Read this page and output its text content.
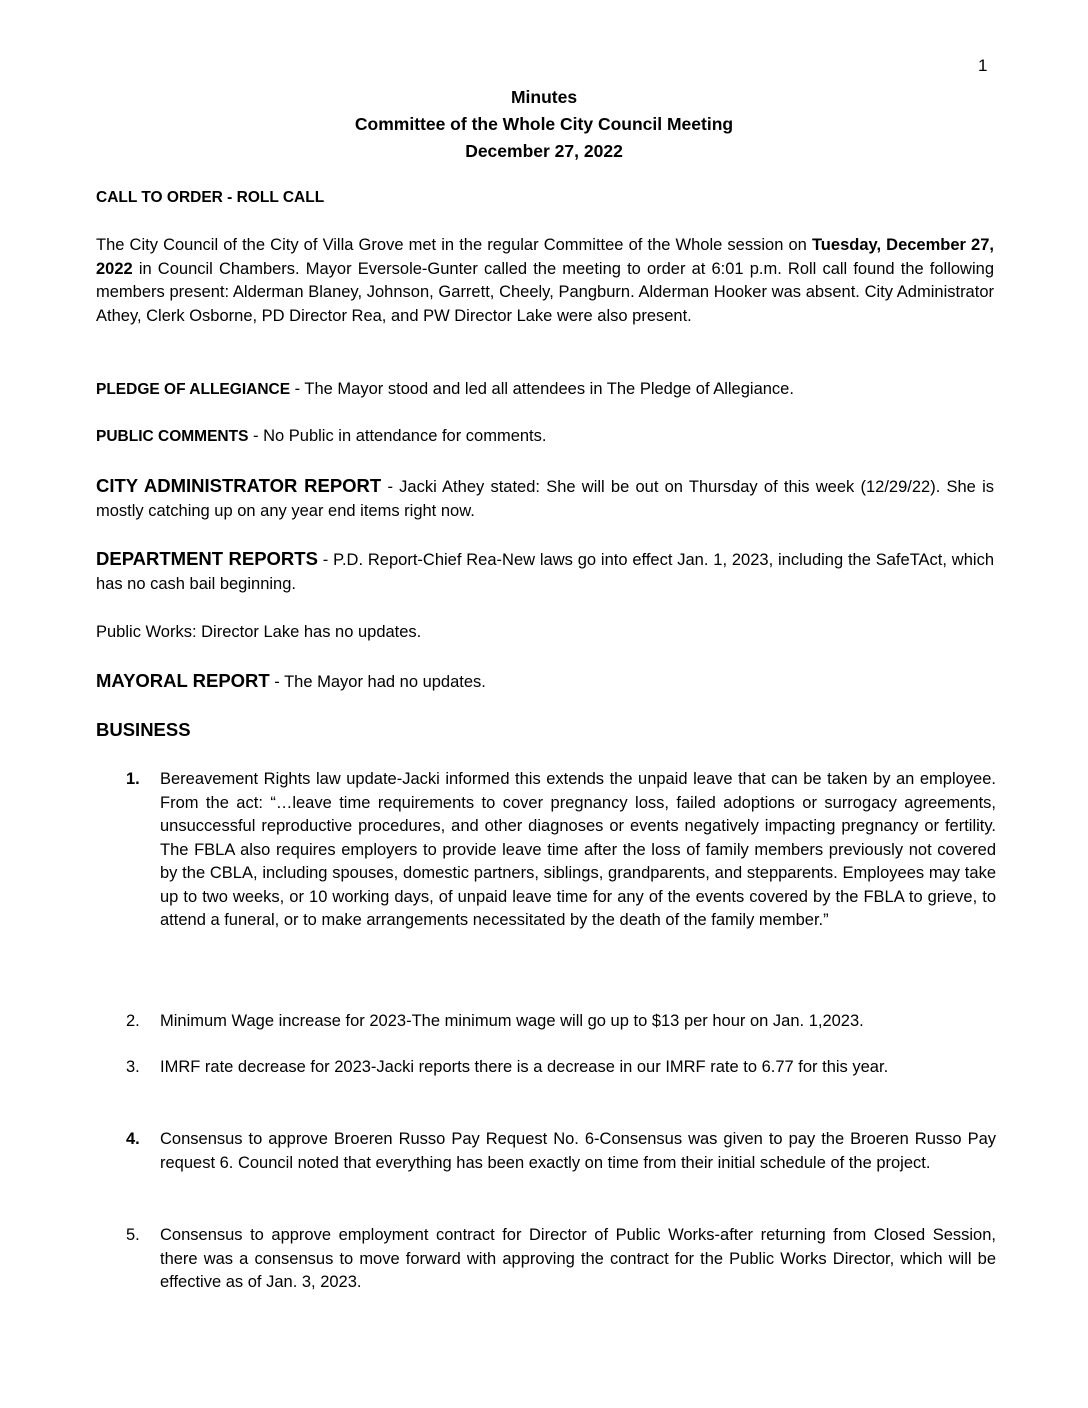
1
Minutes
Committee of the Whole City Council Meeting
December 27, 2022
CALL TO ORDER - ROLL CALL
The City Council of the City of Villa Grove met in the regular Committee of the Whole session on Tuesday, December 27, 2022 in Council Chambers. Mayor Eversole-Gunter called the meeting to order at 6:01 p.m. Roll call found the following members present: Alderman Blaney, Johnson, Garrett, Cheely, Pangburn. Alderman Hooker was absent. City Administrator Athey, Clerk Osborne, PD Director Rea, and PW Director Lake were also present.
PLEDGE OF ALLEGIANCE - The Mayor stood and led all attendees in The Pledge of Allegiance.
PUBLIC COMMENTS - No Public in attendance for comments.
CITY ADMINISTRATOR REPORT - Jacki Athey stated: She will be out on Thursday of this week (12/29/22). She is mostly catching up on any year end items right now.
DEPARTMENT REPORTS - P.D. Report-Chief Rea-New laws go into effect Jan. 1, 2023, including the SafeTAct, which has no cash bail beginning.
Public Works: Director Lake has no updates.
MAYORAL REPORT - The Mayor had no updates.
BUSINESS
1. Bereavement Rights law update-Jacki informed this extends the unpaid leave that can be taken by an employee. From the act: “…leave time requirements to cover pregnancy loss, failed adoptions or surrogacy agreements, unsuccessful reproductive procedures, and other diagnoses or events negatively impacting pregnancy or fertility. The FBLA also requires employers to provide leave time after the loss of family members previously not covered by the CBLA, including spouses, domestic partners, siblings, grandparents, and stepparents. Employees may take up to two weeks, or 10 working days, of unpaid leave time for any of the events covered by the FBLA to grieve, to attend a funeral, or to make arrangements necessitated by the death of the family member.”
2. Minimum Wage increase for 2023-The minimum wage will go up to $13 per hour on Jan. 1,2023.
3. IMRF rate decrease for 2023-Jacki reports there is a decrease in our IMRF rate to 6.77 for this year.
4. Consensus to approve Broeren Russo Pay Request No. 6-Consensus was given to pay the Broeren Russo Pay request 6. Council noted that everything has been exactly on time from their initial schedule of the project.
5. Consensus to approve employment contract for Director of Public Works-after returning from Closed Session, there was a consensus to move forward with approving the contract for the Public Works Director, which will be effective as of Jan. 3, 2023.
